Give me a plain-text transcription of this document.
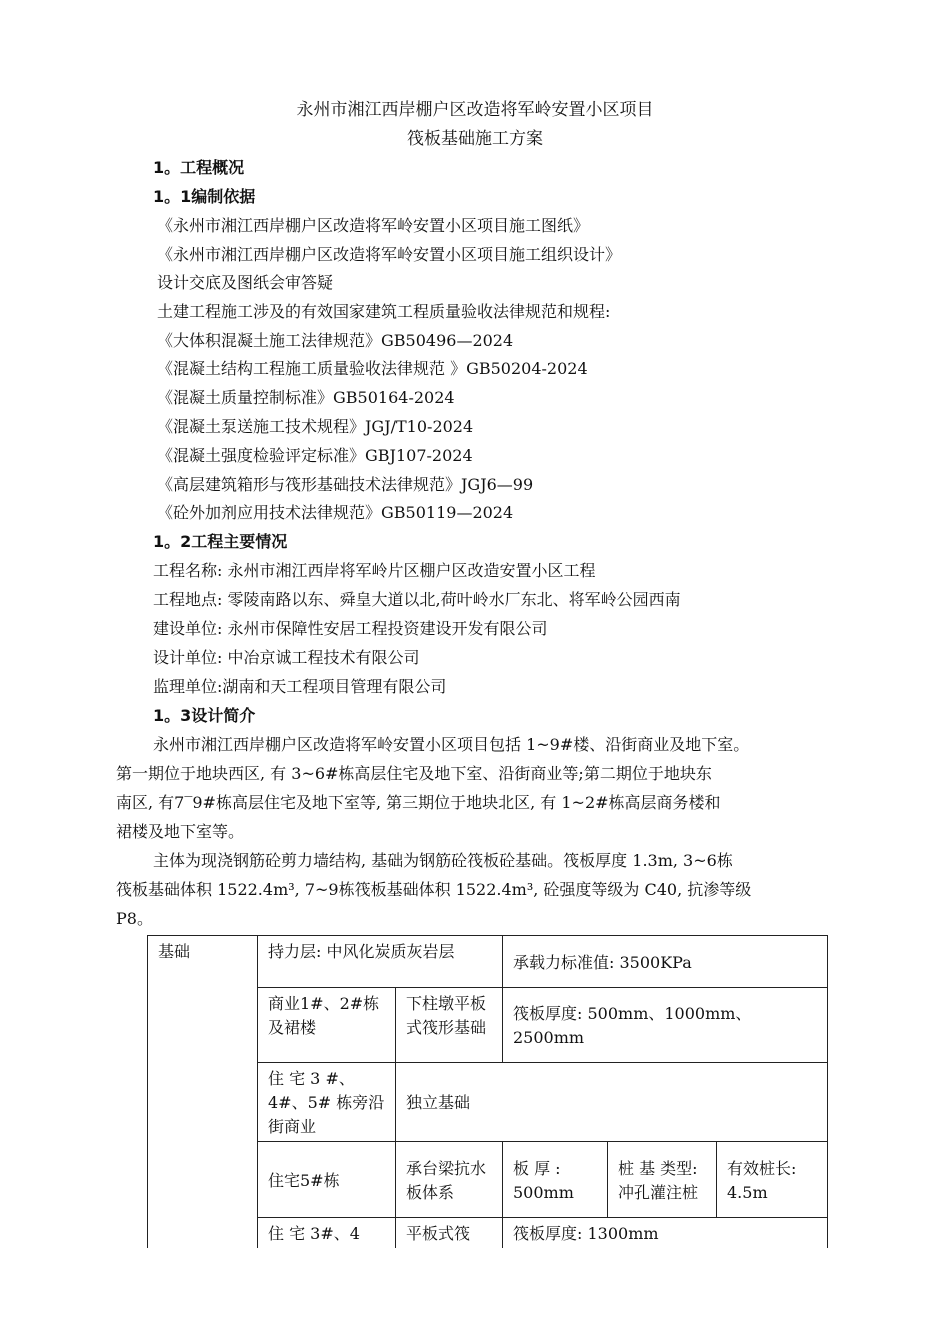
永州市湘江西岸棚户区改造将军岭安置小区项目
筏板基础施工方案
1。工程概况
1。1编制依据
《永州市湘江西岸棚户区改造将军岭安置小区项目施工图纸》
《永州市湘江西岸棚户区改造将军岭安置小区项目施工组织设计》
设计交底及图纸会审答疑
土建工程施工涉及的有效国家建筑工程质量验收法律规范和规程:
《大体积混凝土施工法律规范》GB50496—2024
《混凝土结构工程施工质量验收法律规范 》GB50204-2024
《混凝土质量控制标准》GB50164-2024
《混凝土泵送施工技术规程》JGJ/T10-2024
《混凝土强度检验评定标准》GBJ107-2024
《高层建筑箱形与筏形基础技术法律规范》JGJ6—99
《砼外加剂应用技术法律规范》GB50119—2024
1。2工程主要情况
工程名称: 永州市湘江西岸将军岭片区棚户区改造安置小区工程
工程地点: 零陵南路以东、舜皇大道以北,荷叶岭水厂东北、将军岭公园西南
建设单位: 永州市保障性安居工程投资建设开发有限公司
设计单位: 中冶京诚工程技术有限公司
监理单位:湖南和天工程项目管理有限公司
1。3设计简介
永州市湘江西岸棚户区改造将军岭安置小区项目包括 1~9#楼、沿街商业及地下室。
第一期位于地块西区, 有 3~6#栋高层住宅及地下室、沿街商业等;第二期位于地块东
南区, 有7‾9#栋高层住宅及地下室等, 第三期位于地块北区, 有 1~2#栋高层商务楼和
裙楼及地下室等。
主体为现浇钢筋砼剪力墙结构, 基础为钢筋砼筏板砼基础。筏板厚度 1.3m, 3~6栋
筏板基础体积 1522.4m³, 7~9栋筏板基础体积 1522.4m³, 砼强度等级为 C40, 抗渗等级
P8。
基础	持力层: 中风化炭质灰岩层		承载力标准值: 3500KPa		
	商业1#、2#栋及裙楼	下柱墩平板式筏形基础	筏板厚度: 500mm、1000mm、2500mm		
	住 宅 3 #、4#、5# 栋旁沿街商业	独立基础			
	住宅5#栋	承台梁抗水板体系	板 厚 : 500mm	桩 基 类型: 冲孔灌注桩	有效桩长: 4.5m
	住 宅 3#、4	平板式筏	筏板厚度: 1300mm		
